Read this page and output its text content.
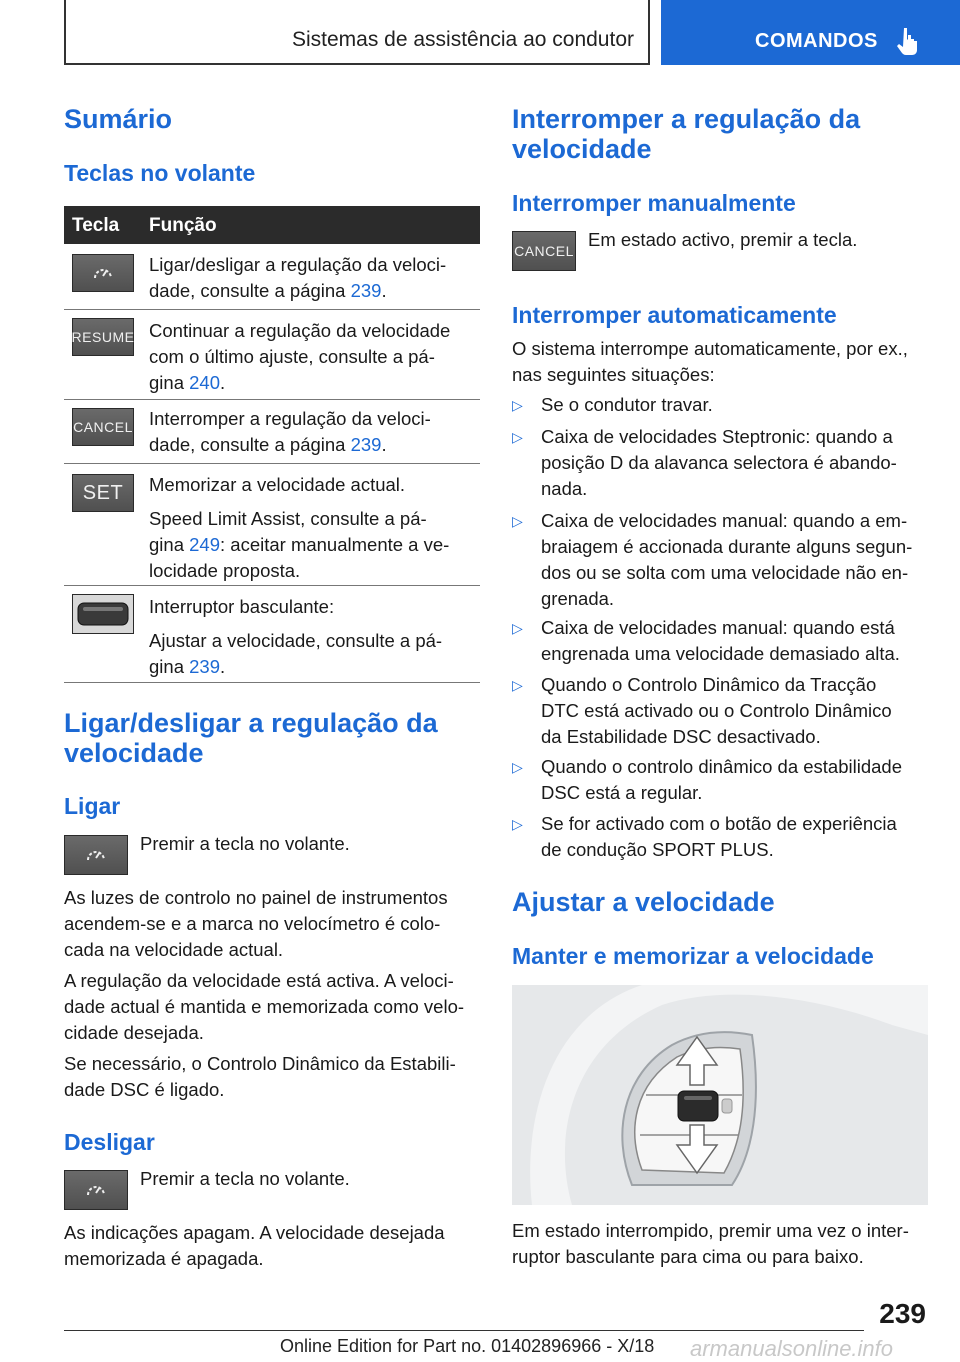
Sistemas de assistência ao condutor	COMANDOS
Sumário
Teclas no volante
Tecla Função

Ligar/desligar a regulação da veloci-
dade, consulte a página 239.

RESUME Continuar a regulação da velocidade
com o último ajuste, consulte a pá-
gina 240.

CANCEL Interromper a regulação da veloci-
dade, consulte a página 239.

SET Memorizar a velocidade actual.

Speed Limit Assist, consulte a pá-
gina 249: aceitar manualmente a ve-
locidade proposta.

Interruptor basculante:

Ajustar a velocidade, consulte a pá-
gina 239.

Ligar/desligar a regulação da
velocidade
Ligar

Premir a tecla no volante.

As luzes de controlo no painel de instrumentos
acendem-se e a marca no velocímetro é colo-
cada na velocidade actual.

A regulação da velocidade está activa. A veloci-
dade actual é mantida e memorizada como velo-
cidade desejada.

Se necessário, o Controlo Dinâmico da Estabili-
dade DSC é ligado.

Desligar

Premir a tecla no volante.

As indicações apagam. A velocidade desejada
memorizada é apagada.

Interromper a regulação da
velocidade
Interromper manualmente
CANCEL

Em estado activo, premir a tecla.

Interromper automaticamente

O sistema interrompe automaticamente, por ex.,
nas seguintes situações:

▷ Se o condutor travar.
▷ Caixa de velocidades Steptronic: quando a
posição D da alavanca selectora é abando-
nada.
▷ Caixa de velocidades manual: quando a em-
braiagem é accionada durante alguns segun-
dos ou se solta com uma velocidade não en-
grenada.
▷ Caixa de velocidades manual: quando está
engrenada uma velocidade demasiado alta.
▷ Quando o Controlo Dinâmico da Tracção
DTC está activado ou o Controlo Dinâmico
da Estabilidade DSC desactivado.
▷ Quando o controlo dinâmico da estabilidade
DSC está a regular.
▷ Se for activado com o botão de experiência
de condução SPORT PLUS.
Ajustar a velocidade
Manter e memorizar a velocidade

Em estado interrompido, premir uma vez o inter-
ruptor basculante para cima ou para baixo.

239
Online Edition for Part no. 01402896966 - X/18 armanualsonline.info
